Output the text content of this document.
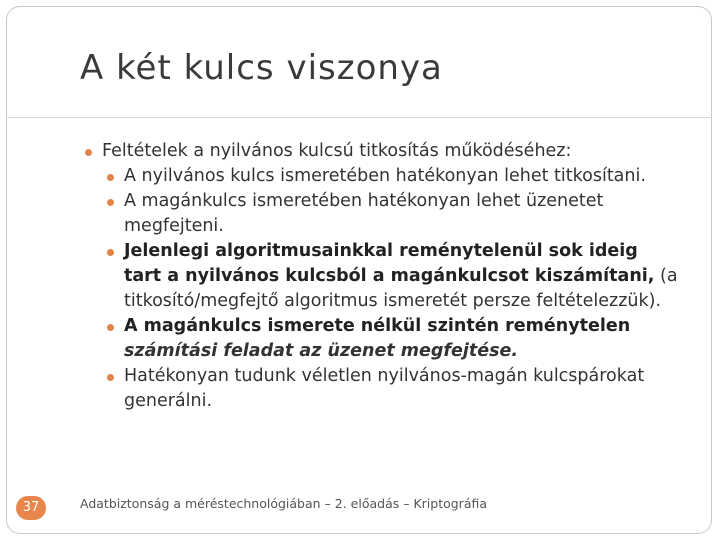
A két kulcs viszonya
Feltételek a nyilvános kulcsú titkosítás működéséhez:
A nyilvános kulcs ismeretében hatékonyan lehet titkosítani.
A magánkulcs ismeretében hatékonyan lehet üzenetet megfejteni.
Jelenlegi algoritmusainkkal reménytelenül sok ideig tart a nyilvános kulcsból a magánkulcsot kiszámítani, (a titkosító/megfejtő algoritmus ismeretét persze feltételezzük).
A magánkulcs ismerete nélkül szintén reménytelen számítási feladat az üzenet megfejtése.
Hatékonyan tudunk véletlen nyilvános-magán kulcspárokat generálni.
37	Adatbiztonság a méréstechnológiában – 2. előadás – Kriptográfia
